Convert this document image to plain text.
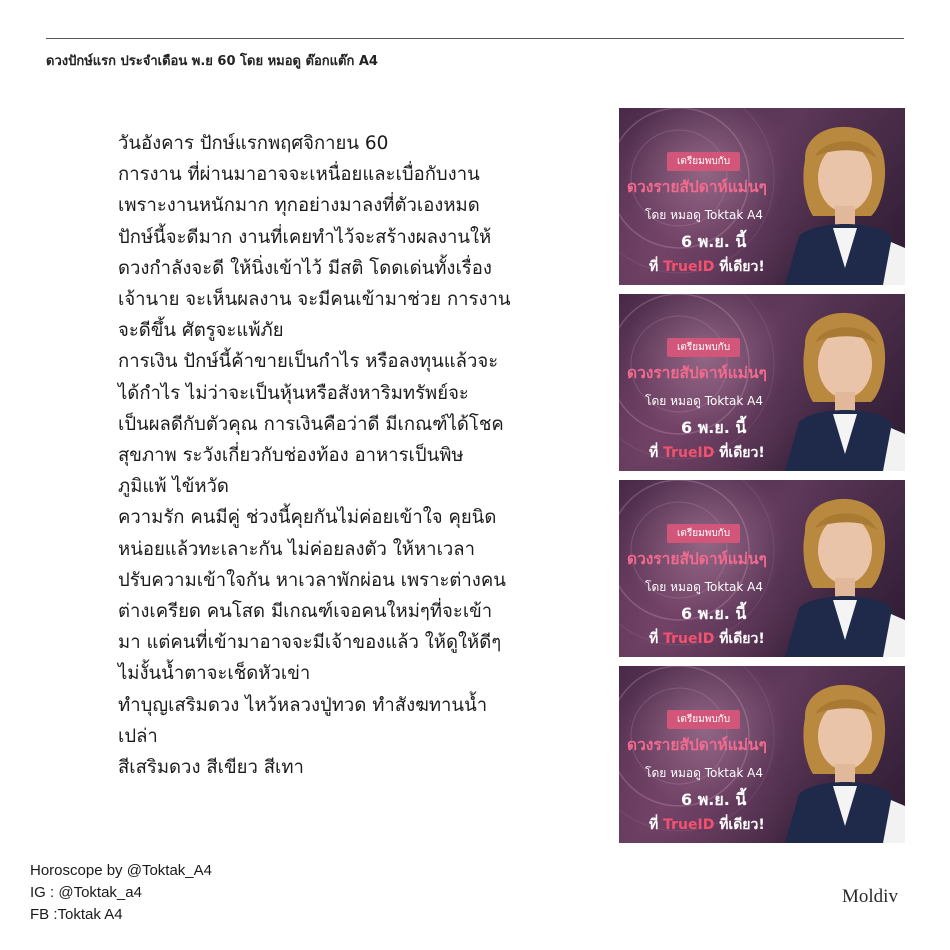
ดวงปักษ์แรก ประจำเดือน พ.ย 60 โดย หมอดู ต๊อกแต๊ก A4
วันอังคาร ปักษ์แรกพฤศจิกายน 60
การงาน ที่ผ่านมาอาจจะเหนื่อยและเบื่อกับงาน
เพราะงานหนักมาก ทุกอย่างมาลงที่ตัวเองหมด
ปักษ์นี้จะดีมาก งานที่เคยทำไว้จะสร้างผลงานให้
ดวงกำลังจะดี ให้นิ่งเข้าไว้ มีสติ โดดเด่นทั้งเรื่อง
เจ้านาย จะเห็นผลงาน จะมีคนเข้ามาช่วย การงาน
จะดีขึ้น ศัตรูจะแพ้ภัย
การเงิน ปักษ์นี้ค้าขายเป็นกำไร หรือลงทุนแล้วจะ
ได้กำไร ไม่ว่าจะเป็นหุ้นหรือสังหาริมทรัพย์จะ
เป็นผลดีกับตัวคุณ การเงินคือว่าดี มีเกณฑ์ได้โชค
สุขภาพ ระวังเกี่ยวกับช่องท้อง อาหารเป็นพิษ
ภูมิแพ้ ไข้หวัด
ความรัก คนมีคู่ ช่วงนี้คุยกันไม่ค่อยเข้าใจ คุยนิด
หน่อยแล้วทะเลาะกัน ไม่ค่อยลงตัว ให้หาเวลา
ปรับความเข้าใจกัน หาเวลาพักผ่อน เพราะต่างคน
ต่างเครียด คนโสด มีเกณฑ์เจอคนใหม่ๆที่จะเข้า
มา แต่คนที่เข้ามาอาจจะมีเจ้าของแล้ว ให้ดูให้ดีๆ
ไม่งั้นน้ำตาจะเช็ดหัวเข่า
ทำบุญเสริมดวง ไหว้หลวงปู่ทวด ทำสังฆทานน้ำ
เปล่า
สีเสริมดวง สีเขียว สีเทา
เตรียมพบกับ
ดวงรายสัปดาห์แม่นๆ
โดย หมอดู Toktak A4
6 พ.ย. นี้
ที่ TrueID ที่เดียว!
เตรียมพบกับ
ดวงรายสัปดาห์แม่นๆ
โดย หมอดู Toktak A4
6 พ.ย. นี้
ที่ TrueID ที่เดียว!
เตรียมพบกับ
ดวงรายสัปดาห์แม่นๆ
โดย หมอดู Toktak A4
6 พ.ย. นี้
ที่ TrueID ที่เดียว!
เตรียมพบกับ
ดวงรายสัปดาห์แม่นๆ
โดย หมอดู Toktak A4
6 พ.ย. นี้
ที่ TrueID ที่เดียว!
Horoscope by @Toktak_A4
IG : @Toktak_a4
FB :Toktak A4
Moldiv
